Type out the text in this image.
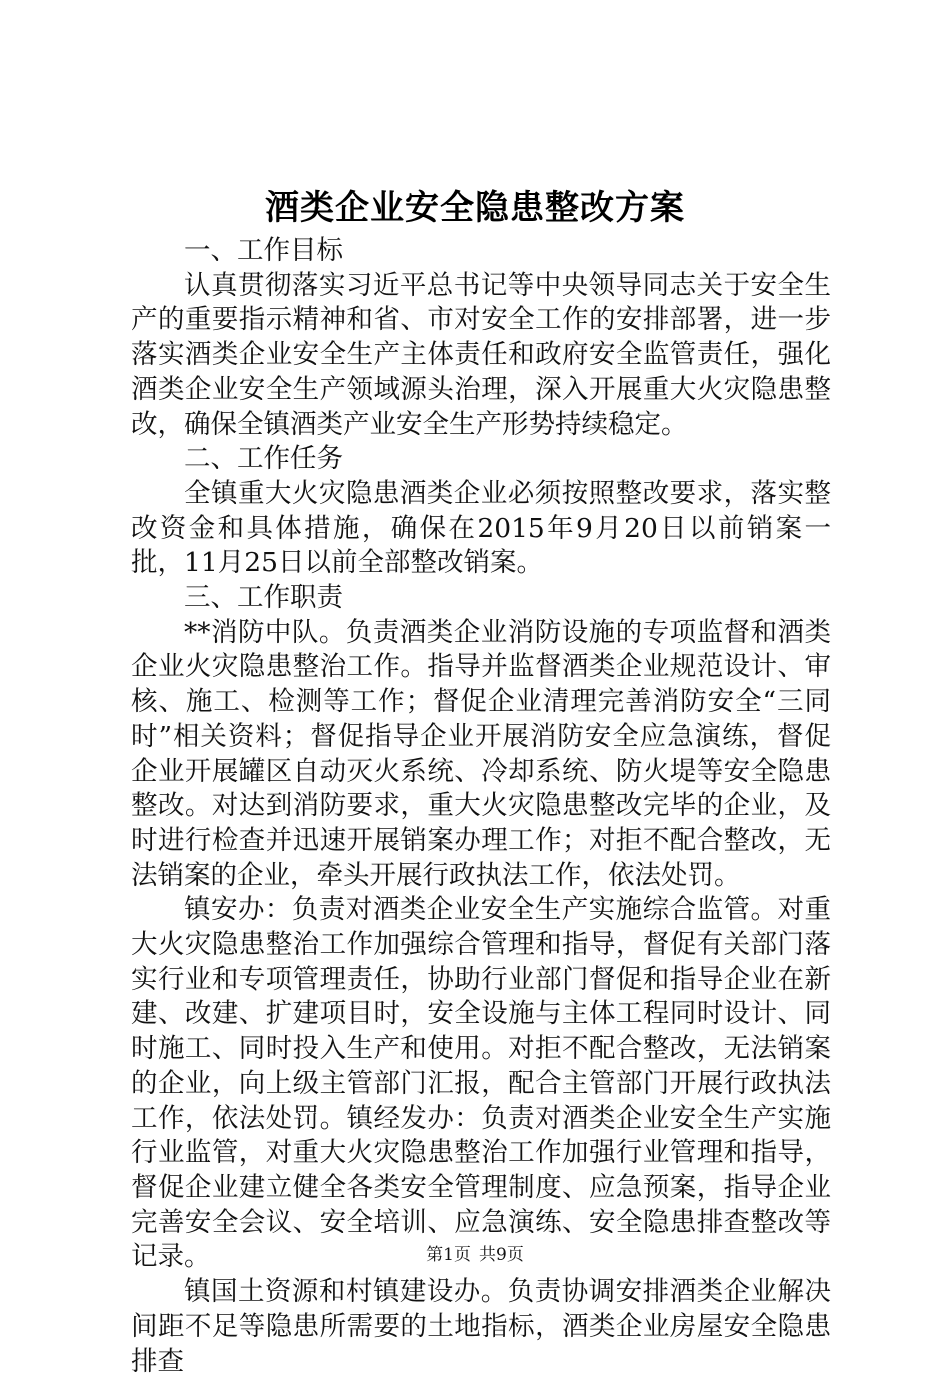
酒类企业安全隐患整改方案

一、工作目标

认真贯彻落实习近平总书记等中央领导同志关于安全生产的重要指示精神和省、市对安全工作的安排部署，进一步落实酒类企业安全生产主体责任和政府安全监管责任，强化酒类企业安全生产领域源头治理，深入开展重大火灾隐患整改，确保全镇酒类产业安全生产形势持续稳定。

二、工作任务

全镇重大火灾隐患酒类企业必须按照整改要求，落实整改资金和具体措施，确保在2015年9月20日以前销案一批，11月25日以前全部整改销案。

三、工作职责

**消防中队。负责酒类企业消防设施的专项监督和酒类企业火灾隐患整治工作。指导并监督酒类企业规范设计、审核、施工、检测等工作；督促企业清理完善消防安全“三同时”相关资料；督促指导企业开展消防安全应急演练，督促企业开展罐区自动灭火系统、冷却系统、防火堤等安全隐患整改。对达到消防要求，重大火灾隐患整改完毕的企业，及时进行检查并迅速开展销案办理工作；对拒不配合整改，无法销案的企业，牵头开展行政执法工作，依法处罚。

镇安办：负责对酒类企业安全生产实施综合监管。对重大火灾隐患整治工作加强综合管理和指导，督促有关部门落实行业和专项管理责任，协助行业部门督促和指导企业在新建、改建、扩建项目时，安全设施与主体工程同时设计、同时施工、同时投入生产和使用。对拒不配合整改，无法销案的企业，向上级主管部门汇报，配合主管部门开展行政执法工作，依法处罚。镇经发办：负责对酒类企业安全生产实施行业监管，对重大火灾隐患整治工作加强行业管理和指导，督促企业建立健全各类安全管理制度、应急预案，指导企业完善安全会议、安全培训、应急演练、安全隐患排查整改等记录。

镇国土资源和村镇建设办。负责协调安排酒类企业解决间距不足等隐患所需要的土地指标，酒类企业房屋安全隐患排查

第1页 共9页
